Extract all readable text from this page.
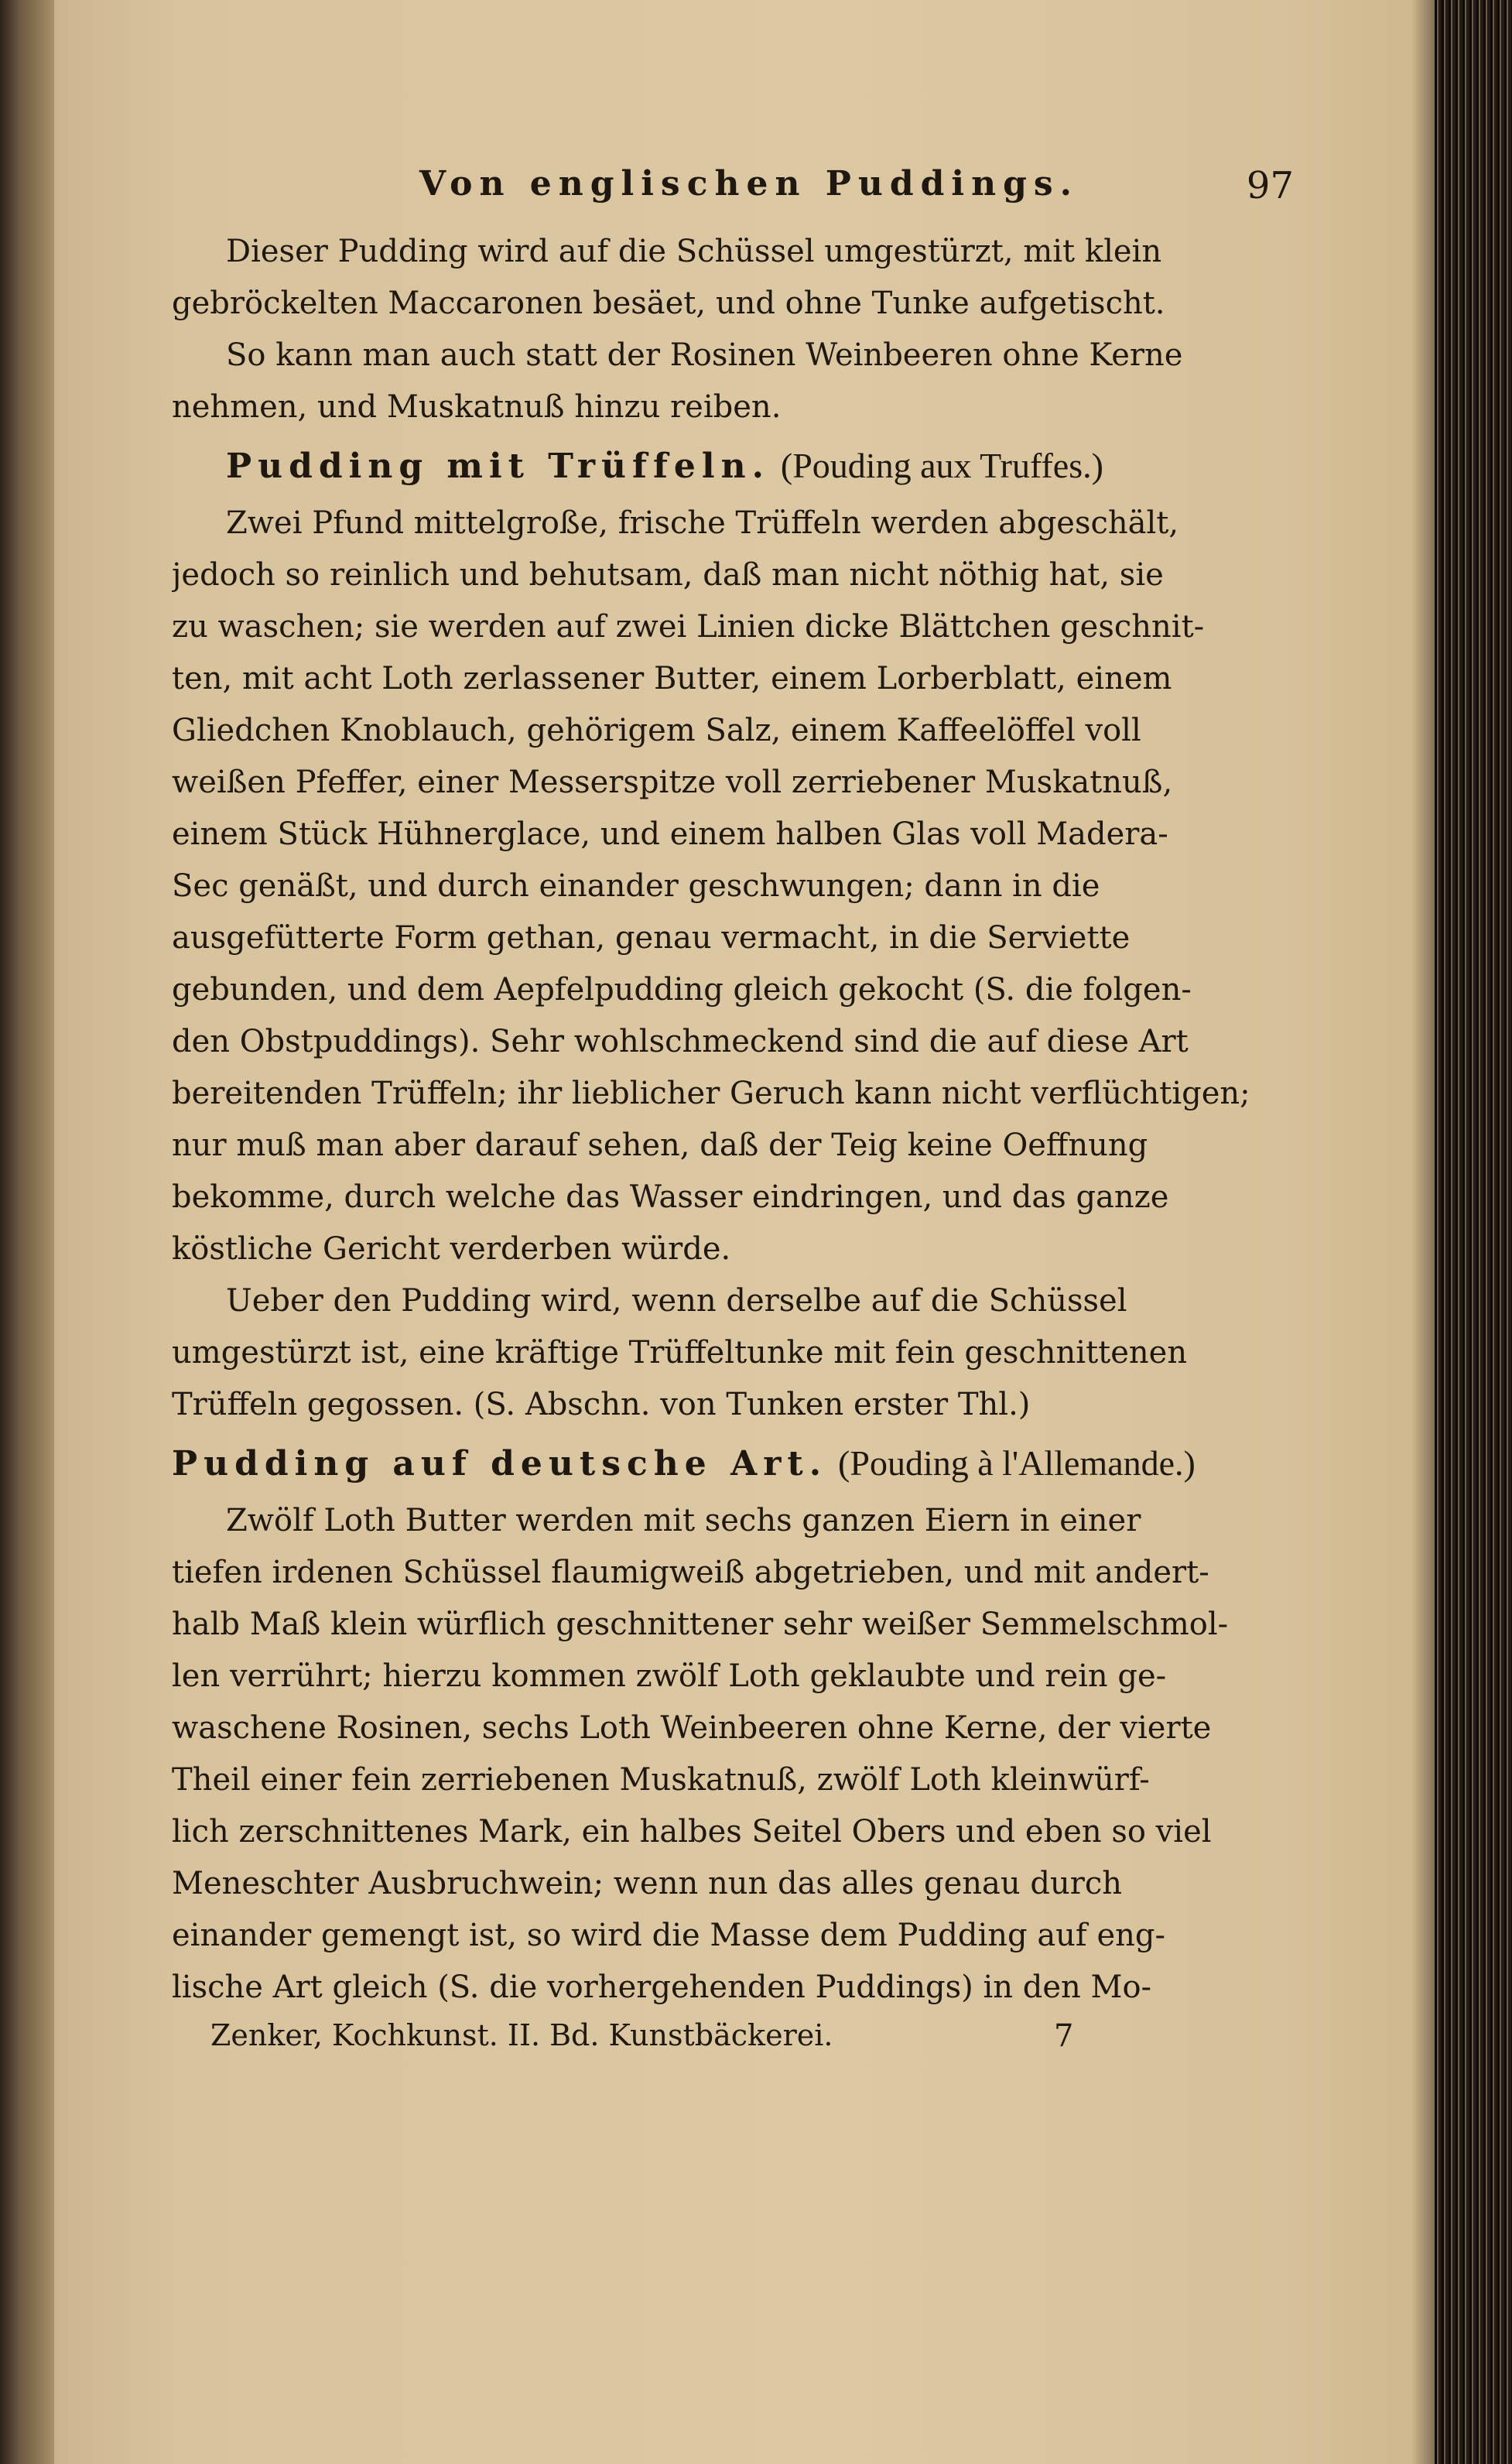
Von englischen Puddings.	97
Dieser Pudding wird auf die Schüssel umgestürzt, mit klein
gebröckelten Maccaronen besäet, und ohne Tunke aufgetischt.
So kann man auch statt der Rosinen Weinbeeren ohne Kerne
nehmen, und Muskatnuß hinzu reiben.
Pudding mit Trüffeln. (Pouding aux Truffes.)
Zwei Pfund mittelgroße, frische Trüffeln werden abgeschält,
jedoch so reinlich und behutsam, daß man nicht nöthig hat, sie
zu waschen; sie werden auf zwei Linien dicke Blättchen geschnit-
ten, mit acht Loth zerlassener Butter, einem Lorberblatt, einem
Gliedchen Knoblauch, gehörigem Salz, einem Kaffeelöffel voll
weißen Pfeffer, einer Messerspitze voll zerriebener Muskatnuß,
einem Stück Hühnerglace, und einem halben Glas voll Madera-
Sec genäßt, und durch einander geschwungen; dann in die
ausgefütterte Form gethan, genau vermacht, in die Serviette
gebunden, und dem Aepfelpudding gleich gekocht (S. die folgen-
den Obstpuddings). Sehr wohlschmeckend sind die auf diese Art
bereitenden Trüffeln; ihr lieblicher Geruch kann nicht verflüchtigen;
nur muß man aber darauf sehen, daß der Teig keine Oeffnung
bekomme, durch welche das Wasser eindringen, und das ganze
köstliche Gericht verderben würde.
Ueber den Pudding wird, wenn derselbe auf die Schüssel
umgestürzt ist, eine kräftige Trüffeltunke mit fein geschnittenen
Trüffeln gegossen. (S. Abschn. von Tunken erster Thl.)
Pudding auf deutsche Art. (Pouding à l'Allemande.)
Zwölf Loth Butter werden mit sechs ganzen Eiern in einer
tiefen irdenen Schüssel flaumigweiß abgetrieben, und mit andert-
halb Maß klein würflich geschnittener sehr weißer Semmelschmol-
len verrührt; hierzu kommen zwölf Loth geklaubte und rein ge-
waschene Rosinen, sechs Loth Weinbeeren ohne Kerne, der vierte
Theil einer fein zerriebenen Muskatnuß, zwölf Loth kleinwürf-
lich zerschnittenes Mark, ein halbes Seitel Obers und eben so viel
Meneschter Ausbruchwein; wenn nun das alles genau durch
einander gemengt ist, so wird die Masse dem Pudding auf eng-
lische Art gleich (S. die vorhergehenden Puddings) in den Mo-
Zenker, Kochkunst. II. Bd. Kunstbäckerei.	7
